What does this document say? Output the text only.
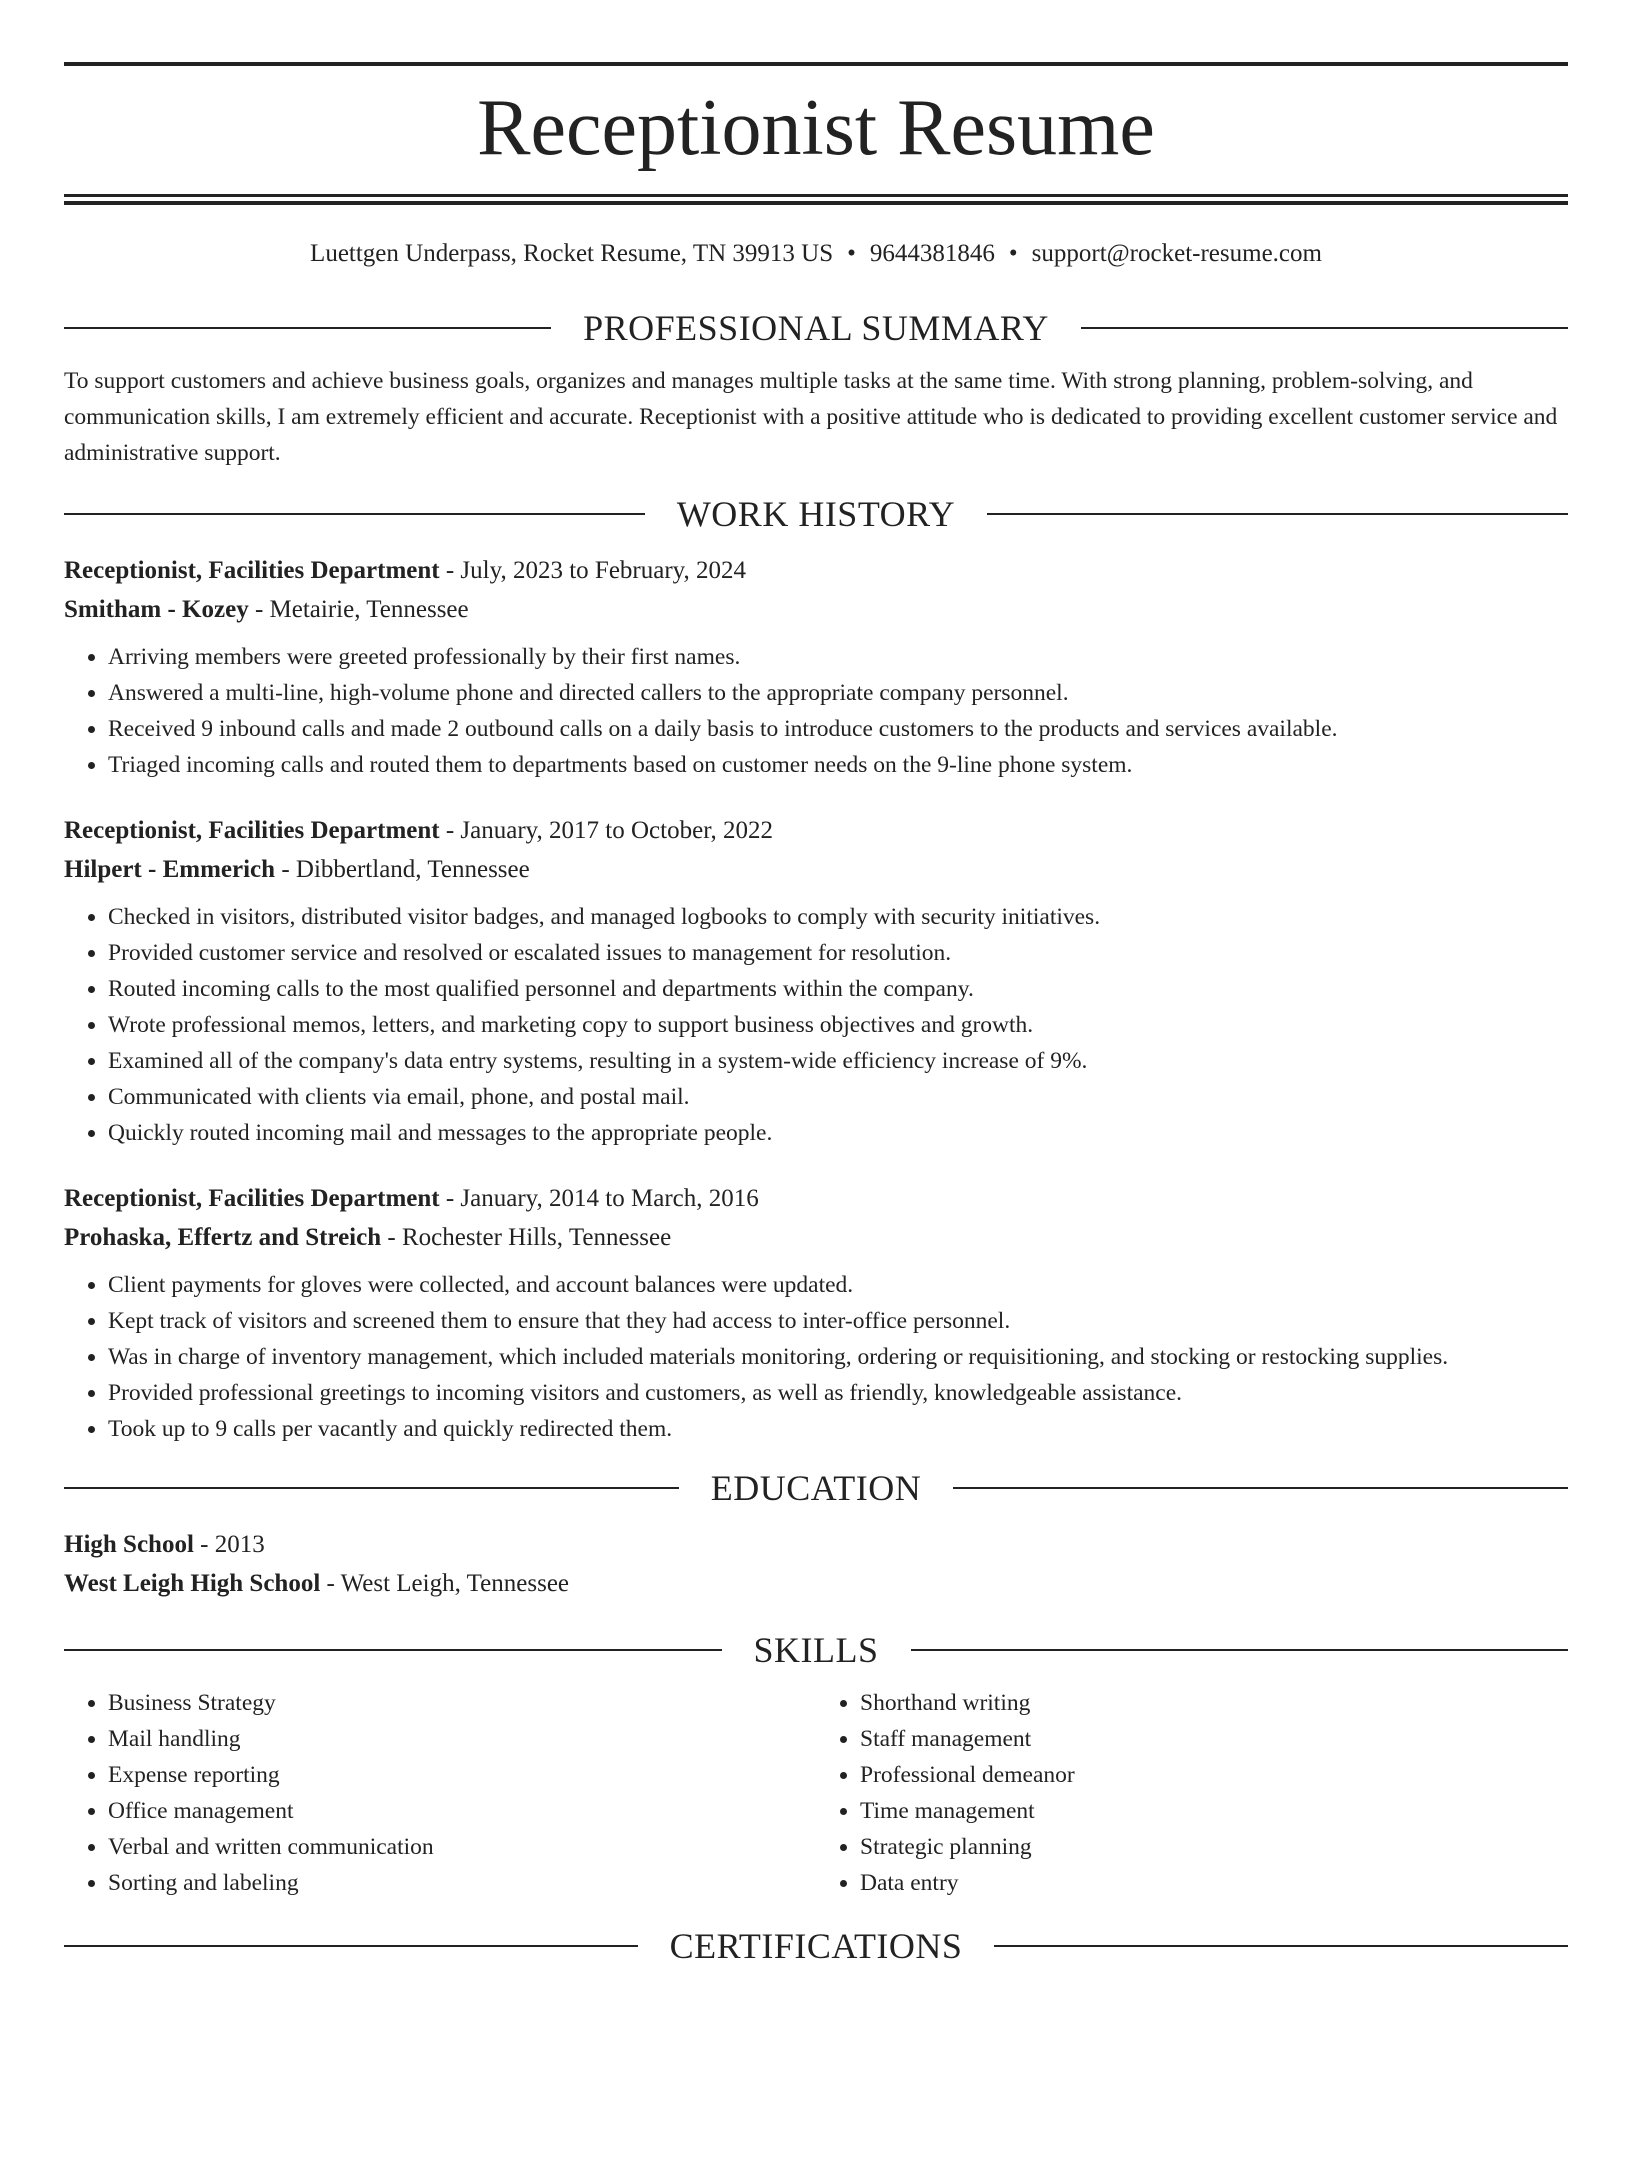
Receptionist Resume
Luettgen Underpass, Rocket Resume, TN 39913 US • 9644381846 • support@rocket-resume.com
PROFESSIONAL SUMMARY
To support customers and achieve business goals, organizes and manages multiple tasks at the same time. With strong planning, problem-solving, and communication skills, I am extremely efficient and accurate. Receptionist with a positive attitude who is dedicated to providing excellent customer service and administrative support.
WORK HISTORY
Receptionist, Facilities Department - July, 2023 to February, 2024
Smitham - Kozey - Metairie, Tennessee
• Arriving members were greeted professionally by their first names.
• Answered a multi-line, high-volume phone and directed callers to the appropriate company personnel.
• Received 9 inbound calls and made 2 outbound calls on a daily basis to introduce customers to the products and services available.
• Triaged incoming calls and routed them to departments based on customer needs on the 9-line phone system.
Receptionist, Facilities Department - January, 2017 to October, 2022
Hilpert - Emmerich - Dibbertland, Tennessee
• Checked in visitors, distributed visitor badges, and managed logbooks to comply with security initiatives.
• Provided customer service and resolved or escalated issues to management for resolution.
• Routed incoming calls to the most qualified personnel and departments within the company.
• Wrote professional memos, letters, and marketing copy to support business objectives and growth.
• Examined all of the company's data entry systems, resulting in a system-wide efficiency increase of 9%.
• Communicated with clients via email, phone, and postal mail.
• Quickly routed incoming mail and messages to the appropriate people.
Receptionist, Facilities Department - January, 2014 to March, 2016
Prohaska, Effertz and Streich - Rochester Hills, Tennessee
• Client payments for gloves were collected, and account balances were updated.
• Kept track of visitors and screened them to ensure that they had access to inter-office personnel.
• Was in charge of inventory management, which included materials monitoring, ordering or requisitioning, and stocking or restocking supplies.
• Provided professional greetings to incoming visitors and customers, as well as friendly, knowledgeable assistance.
• Took up to 9 calls per vacantly and quickly redirected them.
EDUCATION
High School - 2013
West Leigh High School - West Leigh, Tennessee
SKILLS
• Business Strategy
• Mail handling
• Expense reporting
• Office management
• Verbal and written communication
• Sorting and labeling
• Shorthand writing
• Staff management
• Professional demeanor
• Time management
• Strategic planning
• Data entry
CERTIFICATIONS
